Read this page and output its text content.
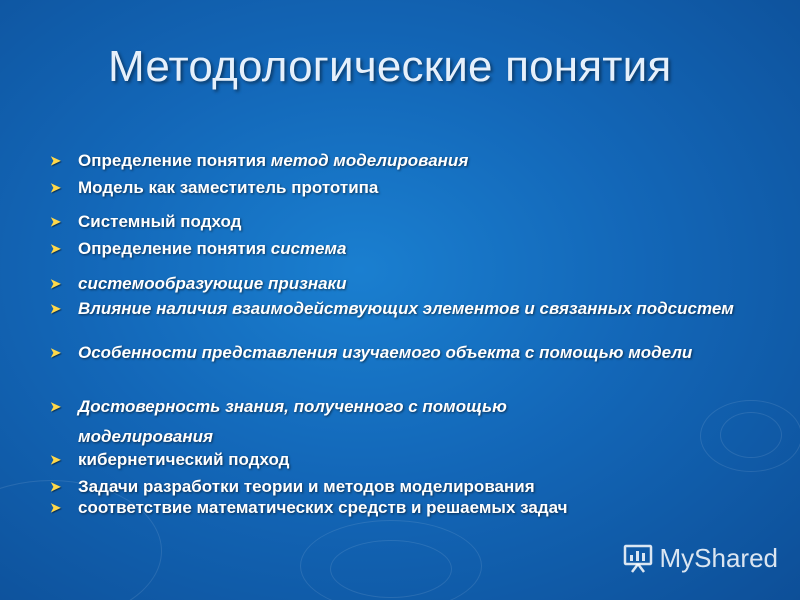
Методологические понятия
➤	Определение понятия метод моделирования
➤	Модель как заместитель прототипа
➤	Системный подход
➤	Определение понятия система
➤	системообразующие признаки
➤	Влияние наличия взаимодействующих элементов и связанных подсистем
➤	Особенности представления изучаемого объекта с помощью модели
➤	Достоверность знания, полученного с помощью
моделирования
➤	кибернетический подход
➤	Задачи разработки теории и методов моделирования
➤	соответствие математических средств и решаемых задач
MyShared
